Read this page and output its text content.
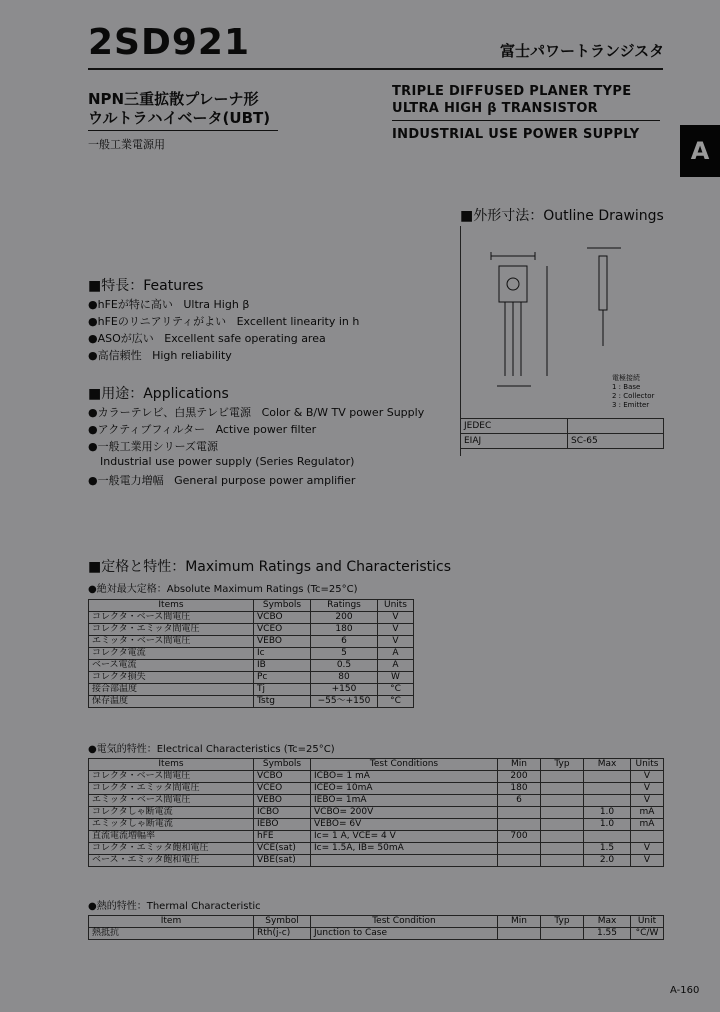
2SD921	富士パワートランジスタ
NPN三重拡散プレーナ形
ウルトラハイベータ(UBT)
一般工業電源用
TRIPLE DIFFUSED PLANER TYPE
ULTRA HIGH β TRANSISTOR
INDUSTRIAL USE POWER SUPPLY
A
■外形寸法：Outline Drawings
電極接続
1 : Base
2 : Collector
3 : Emitter
JEDEC	
EIAJ	SC-65
■特長：Features
●hFEが特に高い Ultra High β
●hFEのリニアリティがよい Excellent linearity in h
●ASOが広い Excellent safe operating area
●高信頼性 High reliability
■用途：Applications
●カラーテレビ、白黒テレビ電源 Color & B/W TV power Supply
●アクティブフィルター Active power filter
●一般工業用シリーズ電源
Industrial use power supply (Series Regulator)
●一般電力増幅 General purpose power amplifier
■定格と特性：Maximum Ratings and Characteristics
●絶対最大定格：Absolute Maximum Ratings (Tc=25°C)
Items	Symbols	Ratings	Units
コレクタ・ベース間電圧	VCBO	200	V
コレクタ・エミッタ間電圧	VCEO	180	V
エミッタ・ベース間電圧	VEBO	6	V
コレクタ電流	Ic	5	A
ベース電流	IB	0.5	A
コレクタ損失	Pc	80	W
接合部温度	Tj	+150	°C
保存温度	Tstg	−55〜+150	°C
●電気的特性：Electrical Characteristics (Tc=25°C)
Items	Symbols	Test Conditions	Min	Typ	Max	Units
コレクタ・ベース間電圧	VCBO	ICBO= 1 mA	200			V
コレクタ・エミッタ間電圧	VCEO	ICEO= 10mA	180			V
エミッタ・ベース間電圧	VEBO	IEBO= 1mA	6			V
コレクタしゃ断電流	ICBO	VCBO= 200V			1.0	mA
エミッタしゃ断電流	IEBO	VEBO= 6V			1.0	mA
直流電流増幅率	hFE	Ic= 1 A, VCE= 4 V	700			
コレクタ・エミッタ飽和電圧	VCE(sat)	Ic= 1.5A, IB= 50mA			1.5	V
ベース・エミッタ飽和電圧	VBE(sat)				2.0	V
●熱的特性：Thermal Characteristic
Item	Symbol	Test Condition	Min	Typ	Max	Unit
熱抵抗	Rth(j-c)	Junction to Case			1.55	°C/W
A-160
